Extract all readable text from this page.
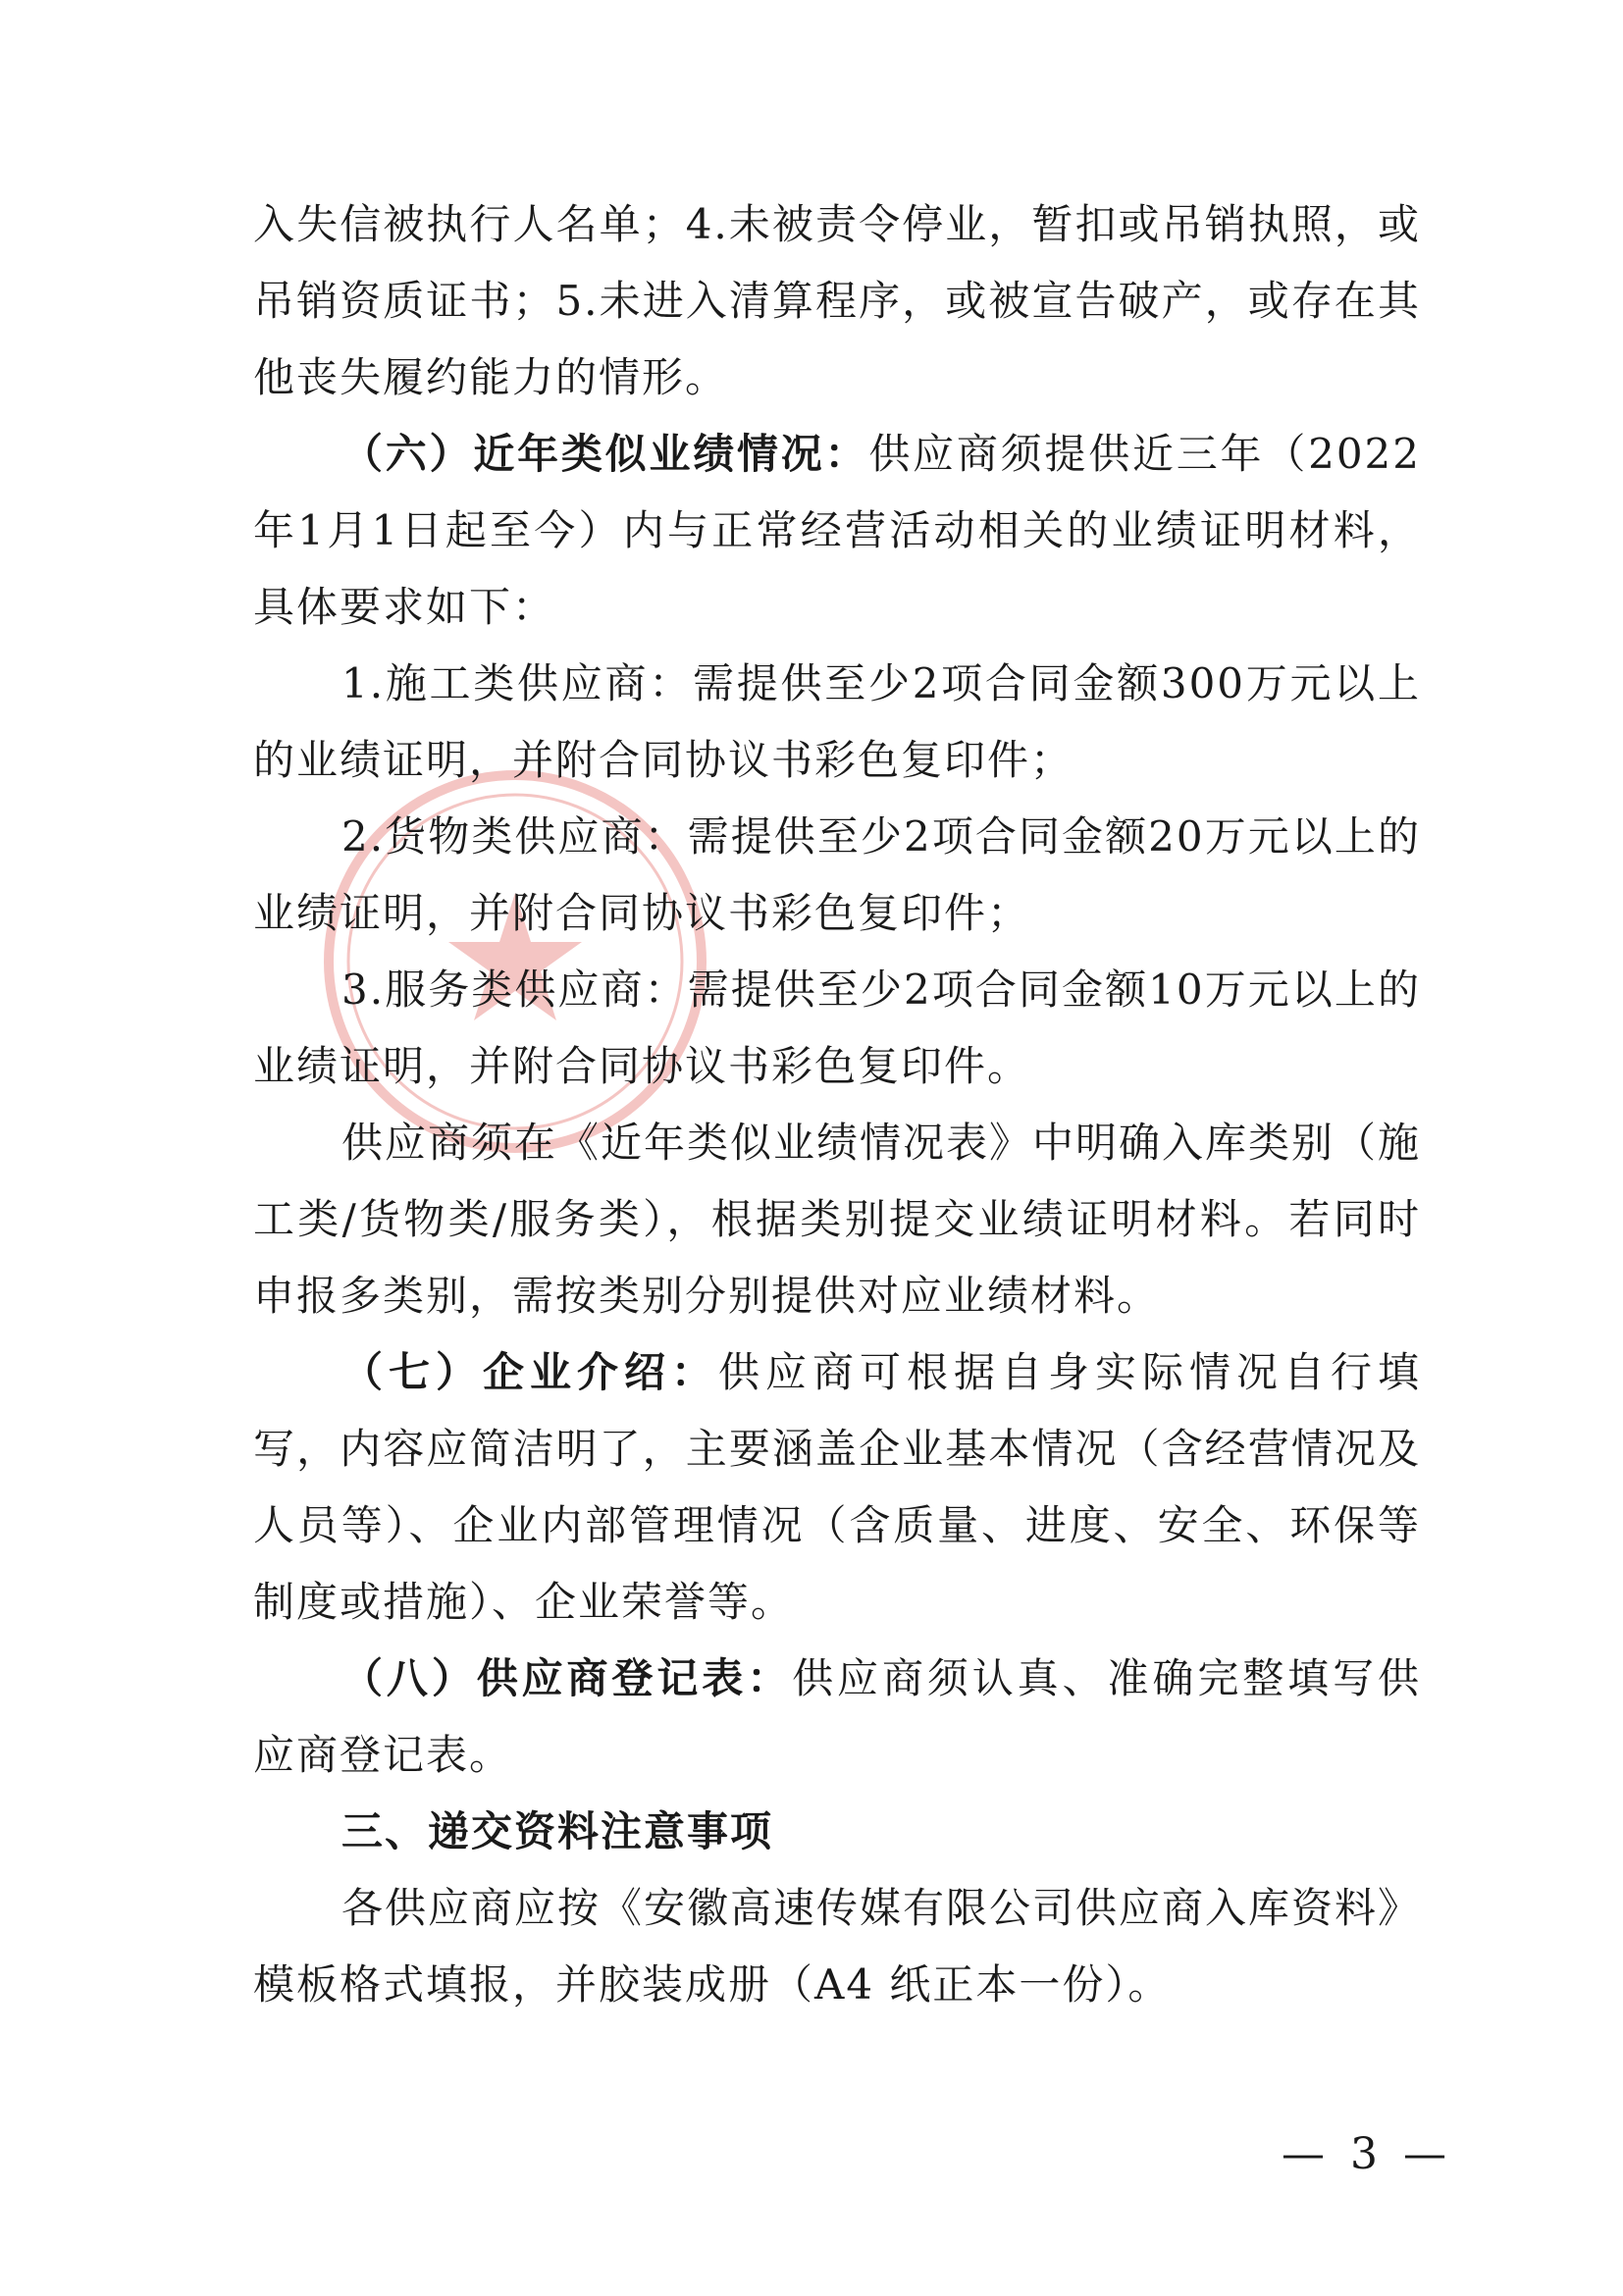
入失信被执行人名单；4.未被责令停业，暂扣或吊销执照，或吊销资质证书；5.未进入清算程序，或被宣告破产，或存在其他丧失履约能力的情形。

（六）近年类似业绩情况：供应商须提供近三年（2022年1月1日起至今）内与正常经营活动相关的业绩证明材料，具体要求如下：

1.施工类供应商：需提供至少2项合同金额300万元以上的业绩证明，并附合同协议书彩色复印件；

2.货物类供应商：需提供至少2项合同金额20万元以上的业绩证明，并附合同协议书彩色复印件；

3.服务类供应商：需提供至少2项合同金额10万元以上的业绩证明，并附合同协议书彩色复印件。

供应商须在《近年类似业绩情况表》中明确入库类别（施工类/货物类/服务类），根据类别提交业绩证明材料。若同时申报多类别，需按类别分别提供对应业绩材料。

（七）企业介绍：供应商可根据自身实际情况自行填写，内容应简洁明了，主要涵盖企业基本情况（含经营情况及人员等）、企业内部管理情况（含质量、进度、安全、环保等制度或措施）、企业荣誉等。

（八）供应商登记表：供应商须认真、准确完整填写供应商登记表。

三、递交资料注意事项

各供应商应按《安徽高速传媒有限公司供应商入库资料》模板格式填报，并胶装成册（A4 纸正本一份）。

— 3 —
